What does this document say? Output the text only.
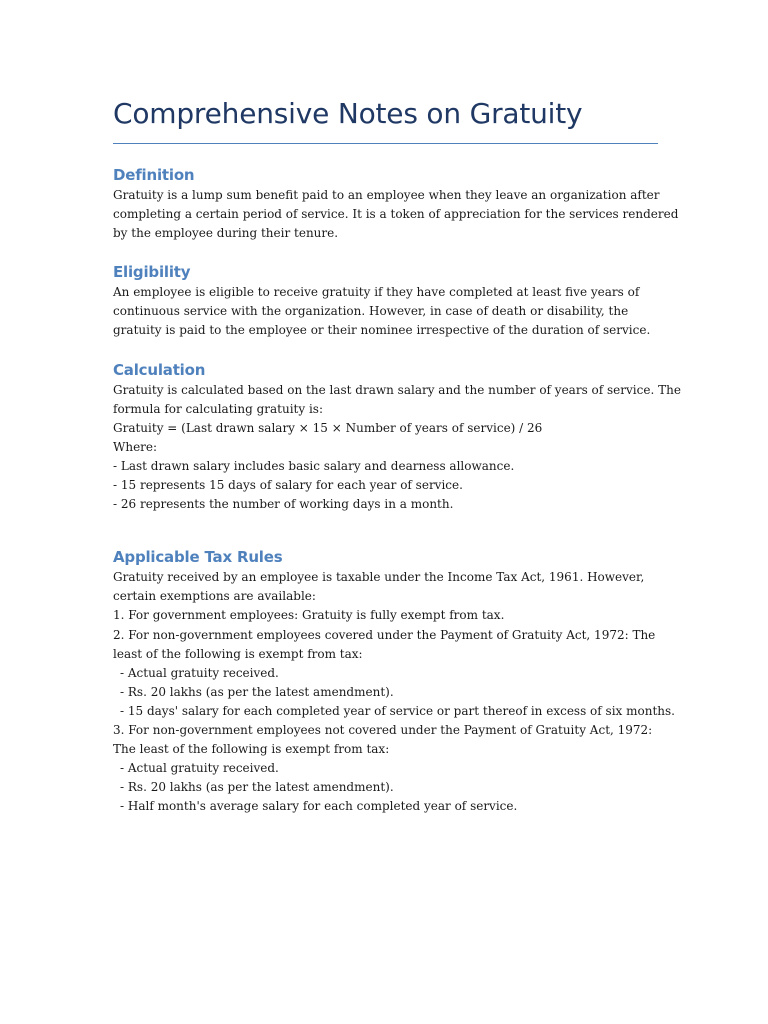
Comprehensive Notes on Gratuity
Definition

Gratuity is a lump sum benefit paid to an employee when they leave an organization after

completing a certain period of service. It is a token of appreciation for the services rendered

by the employee during their tenure.

Eligibility

An employee is eligible to receive gratuity if they have completed at least five years of

continuous service with the organization. However, in case of death or disability, the

gratuity is paid to the employee or their nominee irrespective of the duration of service.

Calculation

Gratuity is calculated based on the last drawn salary and the number of years of service. The

formula for calculating gratuity is:

Gratuity = (Last drawn salary × 15 × Number of years of service) / 26

Where:

- Last drawn salary includes basic salary and dearness allowance.

- 15 represents 15 days of salary for each year of service.

- 26 represents the number of working days in a month.

Applicable Tax Rules

Gratuity received by an employee is taxable under the Income Tax Act, 1961. However,

certain exemptions are available:

1. For government employees: Gratuity is fully exempt from tax.

2. For non-government employees covered under the Payment of Gratuity Act, 1972: The

least of the following is exempt from tax:

- Actual gratuity received.

- Rs. 20 lakhs (as per the latest amendment).

- 15 days' salary for each completed year of service or part thereof in excess of six months.

3. For non-government employees not covered under the Payment of Gratuity Act, 1972:

The least of the following is exempt from tax:

- Actual gratuity received.

- Rs. 20 lakhs (as per the latest amendment).

- Half month's average salary for each completed year of service.
